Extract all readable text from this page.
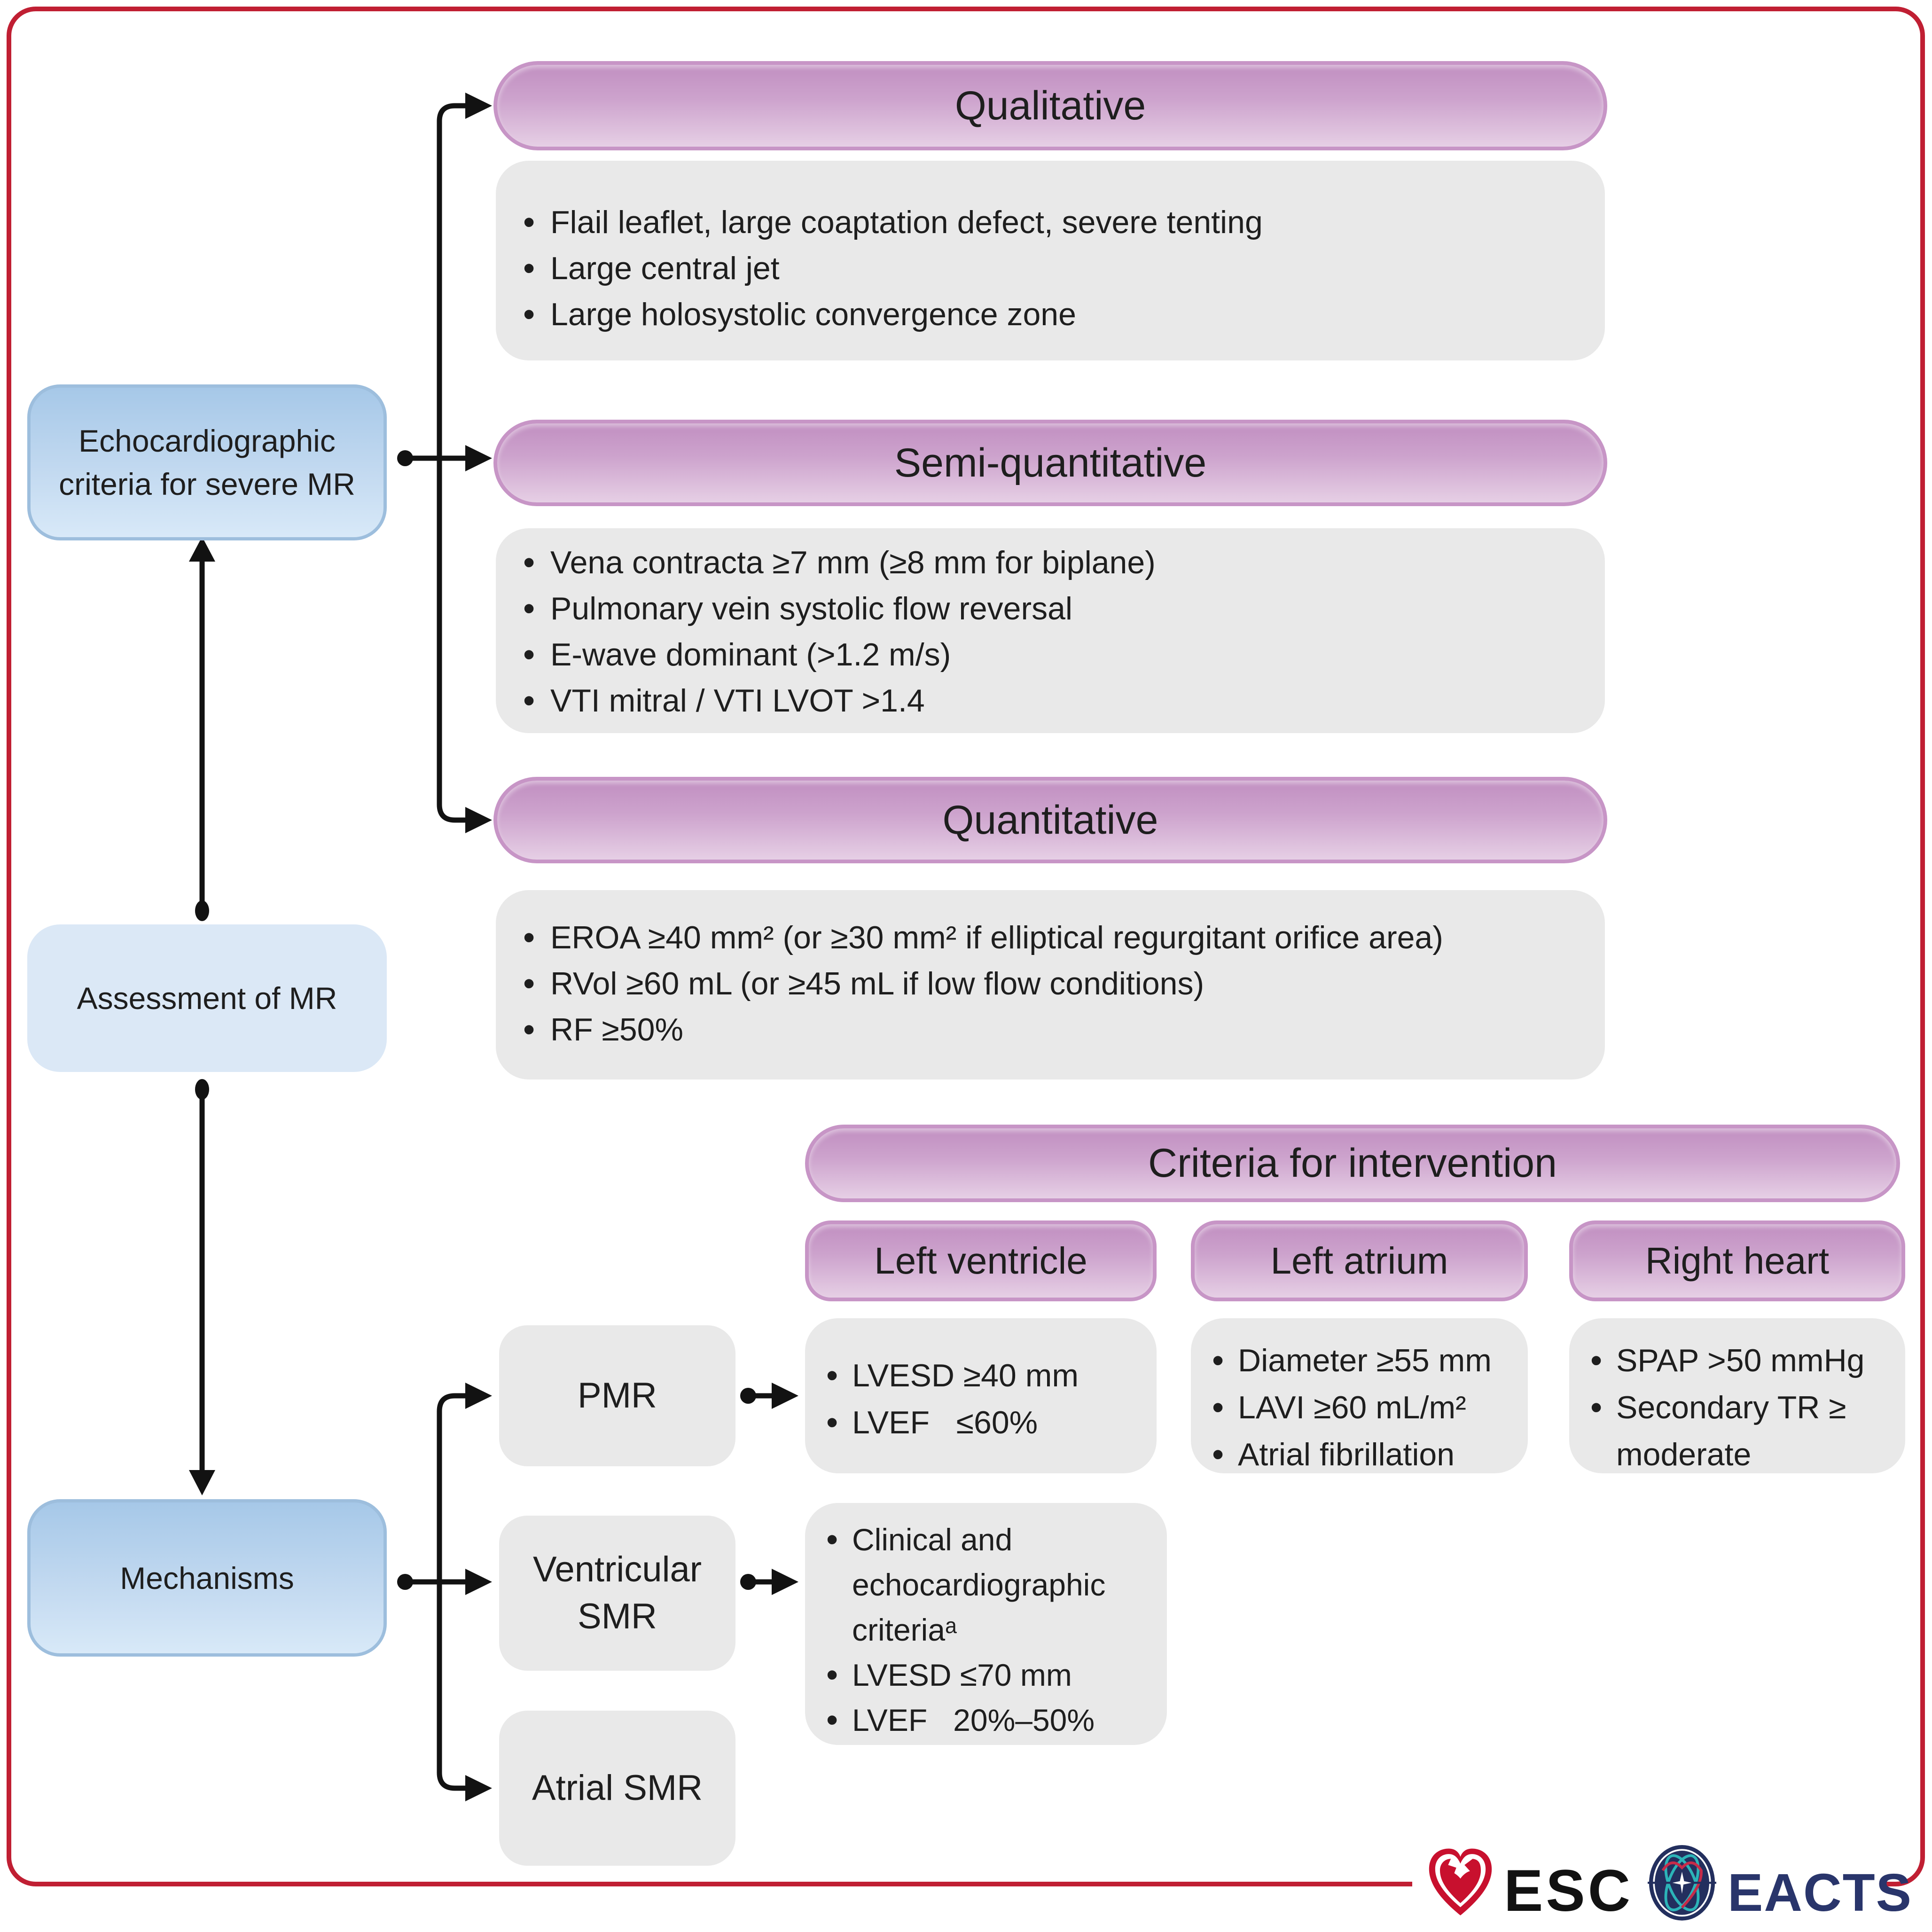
Echocardiographic criteria for severe MR
Assessment of MR
Mechanisms
Qualitative
• Flail leaflet, large coaptation defect, severe tenting
• Large central jet
• Large holosystolic convergence zone
Semi-quantitative
• Vena contracta ≥7 mm (≥8 mm for biplane)
• Pulmonary vein systolic flow reversal
• E-wave dominant (>1.2 m/s)
• VTI mitral / VTI LVOT >1.4
Quantitative
• EROA ≥40 mm² (or ≥30 mm² if elliptical regurgitant orifice area)
• RVol ≥60 mL (or ≥45 mL if low flow conditions)
• RF ≥50%
Criteria for intervention
Left ventricle	Left atrium	Right heart
• LVESD ≥40 mm
• LVEF   ≤60%
• Diameter ≥55 mm
• LAVI ≥60 mL/m²
• Atrial fibrillation
• SPAP >50 mmHg
• Secondary TR ≥ moderate
PMR
Ventricular SMR
Atrial SMR
• Clinical and echocardiographic criteriaᵃ
• LVESD ≤70 mm
• LVEF   20%–50%
ESC EACTS
